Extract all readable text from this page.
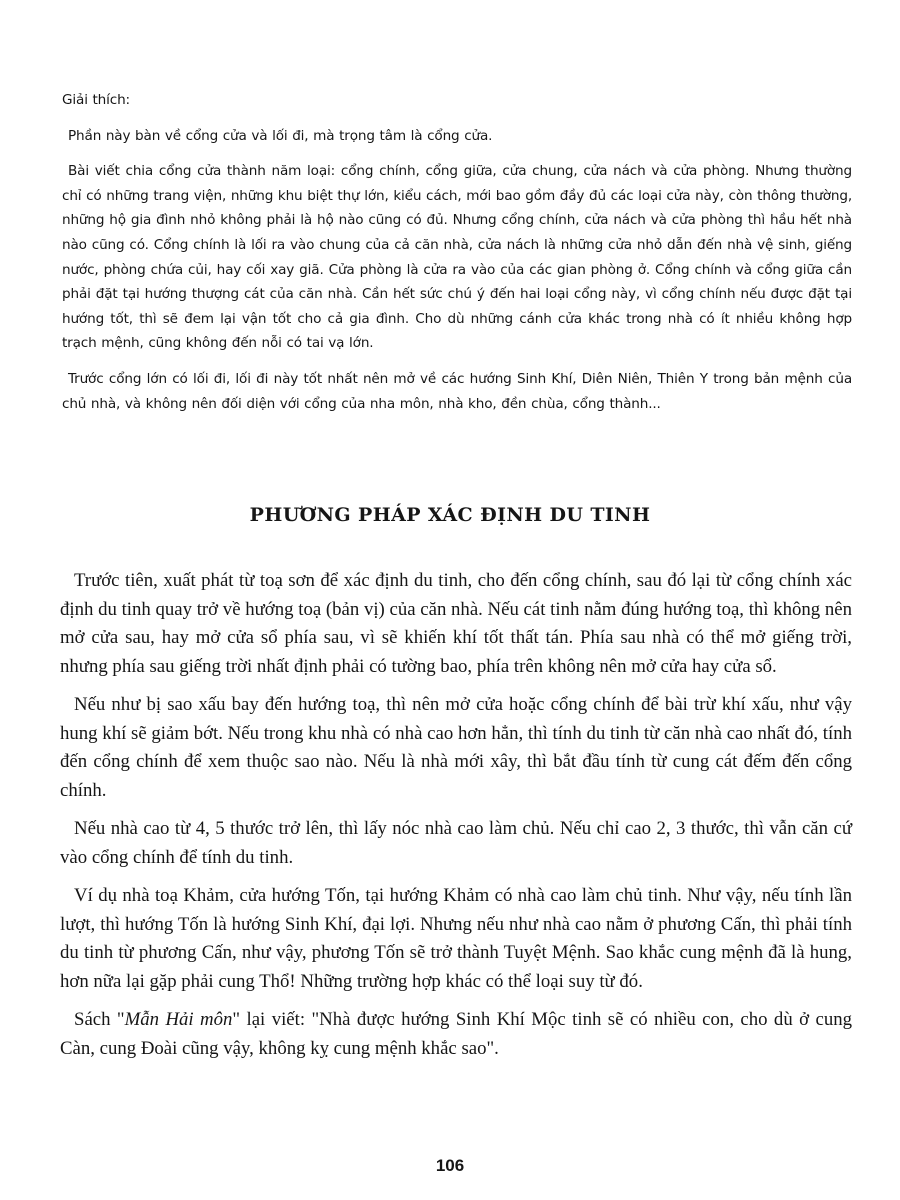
Giải thích:

Phần này bàn về cổng cửa và lối đi, mà trọng tâm là cổng cửa.

Bài viết chia cổng cửa thành năm loại: cổng chính, cổng giữa, cửa chung, cửa nách và cửa phòng. Nhưng thường chỉ có những trang viện, những khu biệt thự lớn, kiểu cách, mới bao gồm đầy đủ các loại cửa này, còn thông thường, những hộ gia đình nhỏ không phải là hộ nào cũng có đủ. Nhưng cổng chính, cửa nách và cửa phòng thì hầu hết nhà nào cũng có. Cổng chính là lối ra vào chung của cả căn nhà, cửa nách là những cửa nhỏ dẫn đến nhà vệ sinh, giếng nước, phòng chứa củi, hay cối xay giã. Cửa phòng là cửa ra vào của các gian phòng ở. Cổng chính và cổng giữa cần phải đặt tại hướng thượng cát của căn nhà. Cần hết sức chú ý đến hai loại cổng này, vì cổng chính nếu được đặt tại hướng tốt, thì sẽ đem lại vận tốt cho cả gia đình. Cho dù những cánh cửa khác trong nhà có ít nhiều không hợp trạch mệnh, cũng không đến nỗi có tai vạ lớn.

Trước cổng lớn có lối đi, lối đi này tốt nhất nên mở về các hướng Sinh Khí, Diên Niên, Thiên Y trong bản mệnh của chủ nhà, và không nên đối diện với cổng của nha môn, nhà kho, đền chùa, cổng thành...

PHƯƠNG PHÁP XÁC ĐỊNH DU TINH

Trước tiên, xuất phát từ toạ sơn để xác định du tinh, cho đến cổng chính, sau đó lại từ cổng chính xác định du tinh quay trở về hướng toạ (bản vị) của căn nhà. Nếu cát tinh nằm đúng hướng toạ, thì không nên mở cửa sau, hay mở cửa sổ phía sau, vì sẽ khiến khí tốt thất tán. Phía sau nhà có thể mở giếng trời, nhưng phía sau giếng trời nhất định phải có tường bao, phía trên không nên mở cửa hay cửa sổ.

Nếu như bị sao xấu bay đến hướng toạ, thì nên mở cửa hoặc cổng chính để bài trừ khí xấu, như vậy hung khí sẽ giảm bớt. Nếu trong khu nhà có nhà cao hơn hẳn, thì tính du tinh từ căn nhà cao nhất đó, tính đến cổng chính để xem thuộc sao nào. Nếu là nhà mới xây, thì bắt đầu tính từ cung cát đếm đến cổng chính.

Nếu nhà cao từ 4, 5 thước trở lên, thì lấy nóc nhà cao làm chủ. Nếu chỉ cao 2, 3 thước, thì vẫn căn cứ vào cổng chính để tính du tinh.

Ví dụ nhà toạ Khảm, cửa hướng Tốn, tại hướng Khảm có nhà cao làm chủ tinh. Như vậy, nếu tính lần lượt, thì hướng Tốn là hướng Sinh Khí, đại lợi. Nhưng nếu như nhà cao nằm ở phương Cấn, thì phải tính du tinh từ phương Cấn, như vậy, phương Tốn sẽ trở thành Tuyệt Mệnh. Sao khắc cung mệnh đã là hung, hơn nữa lại gặp phải cung Thổ! Những trường hợp khác có thể loại suy từ đó.

Sách "Mẫn Hải môn" lại viết: "Nhà được hướng Sinh Khí Mộc tinh sẽ có nhiều con, cho dù ở cung Càn, cung Đoài cũng vậy, không kỵ cung mệnh khắc sao".

106
